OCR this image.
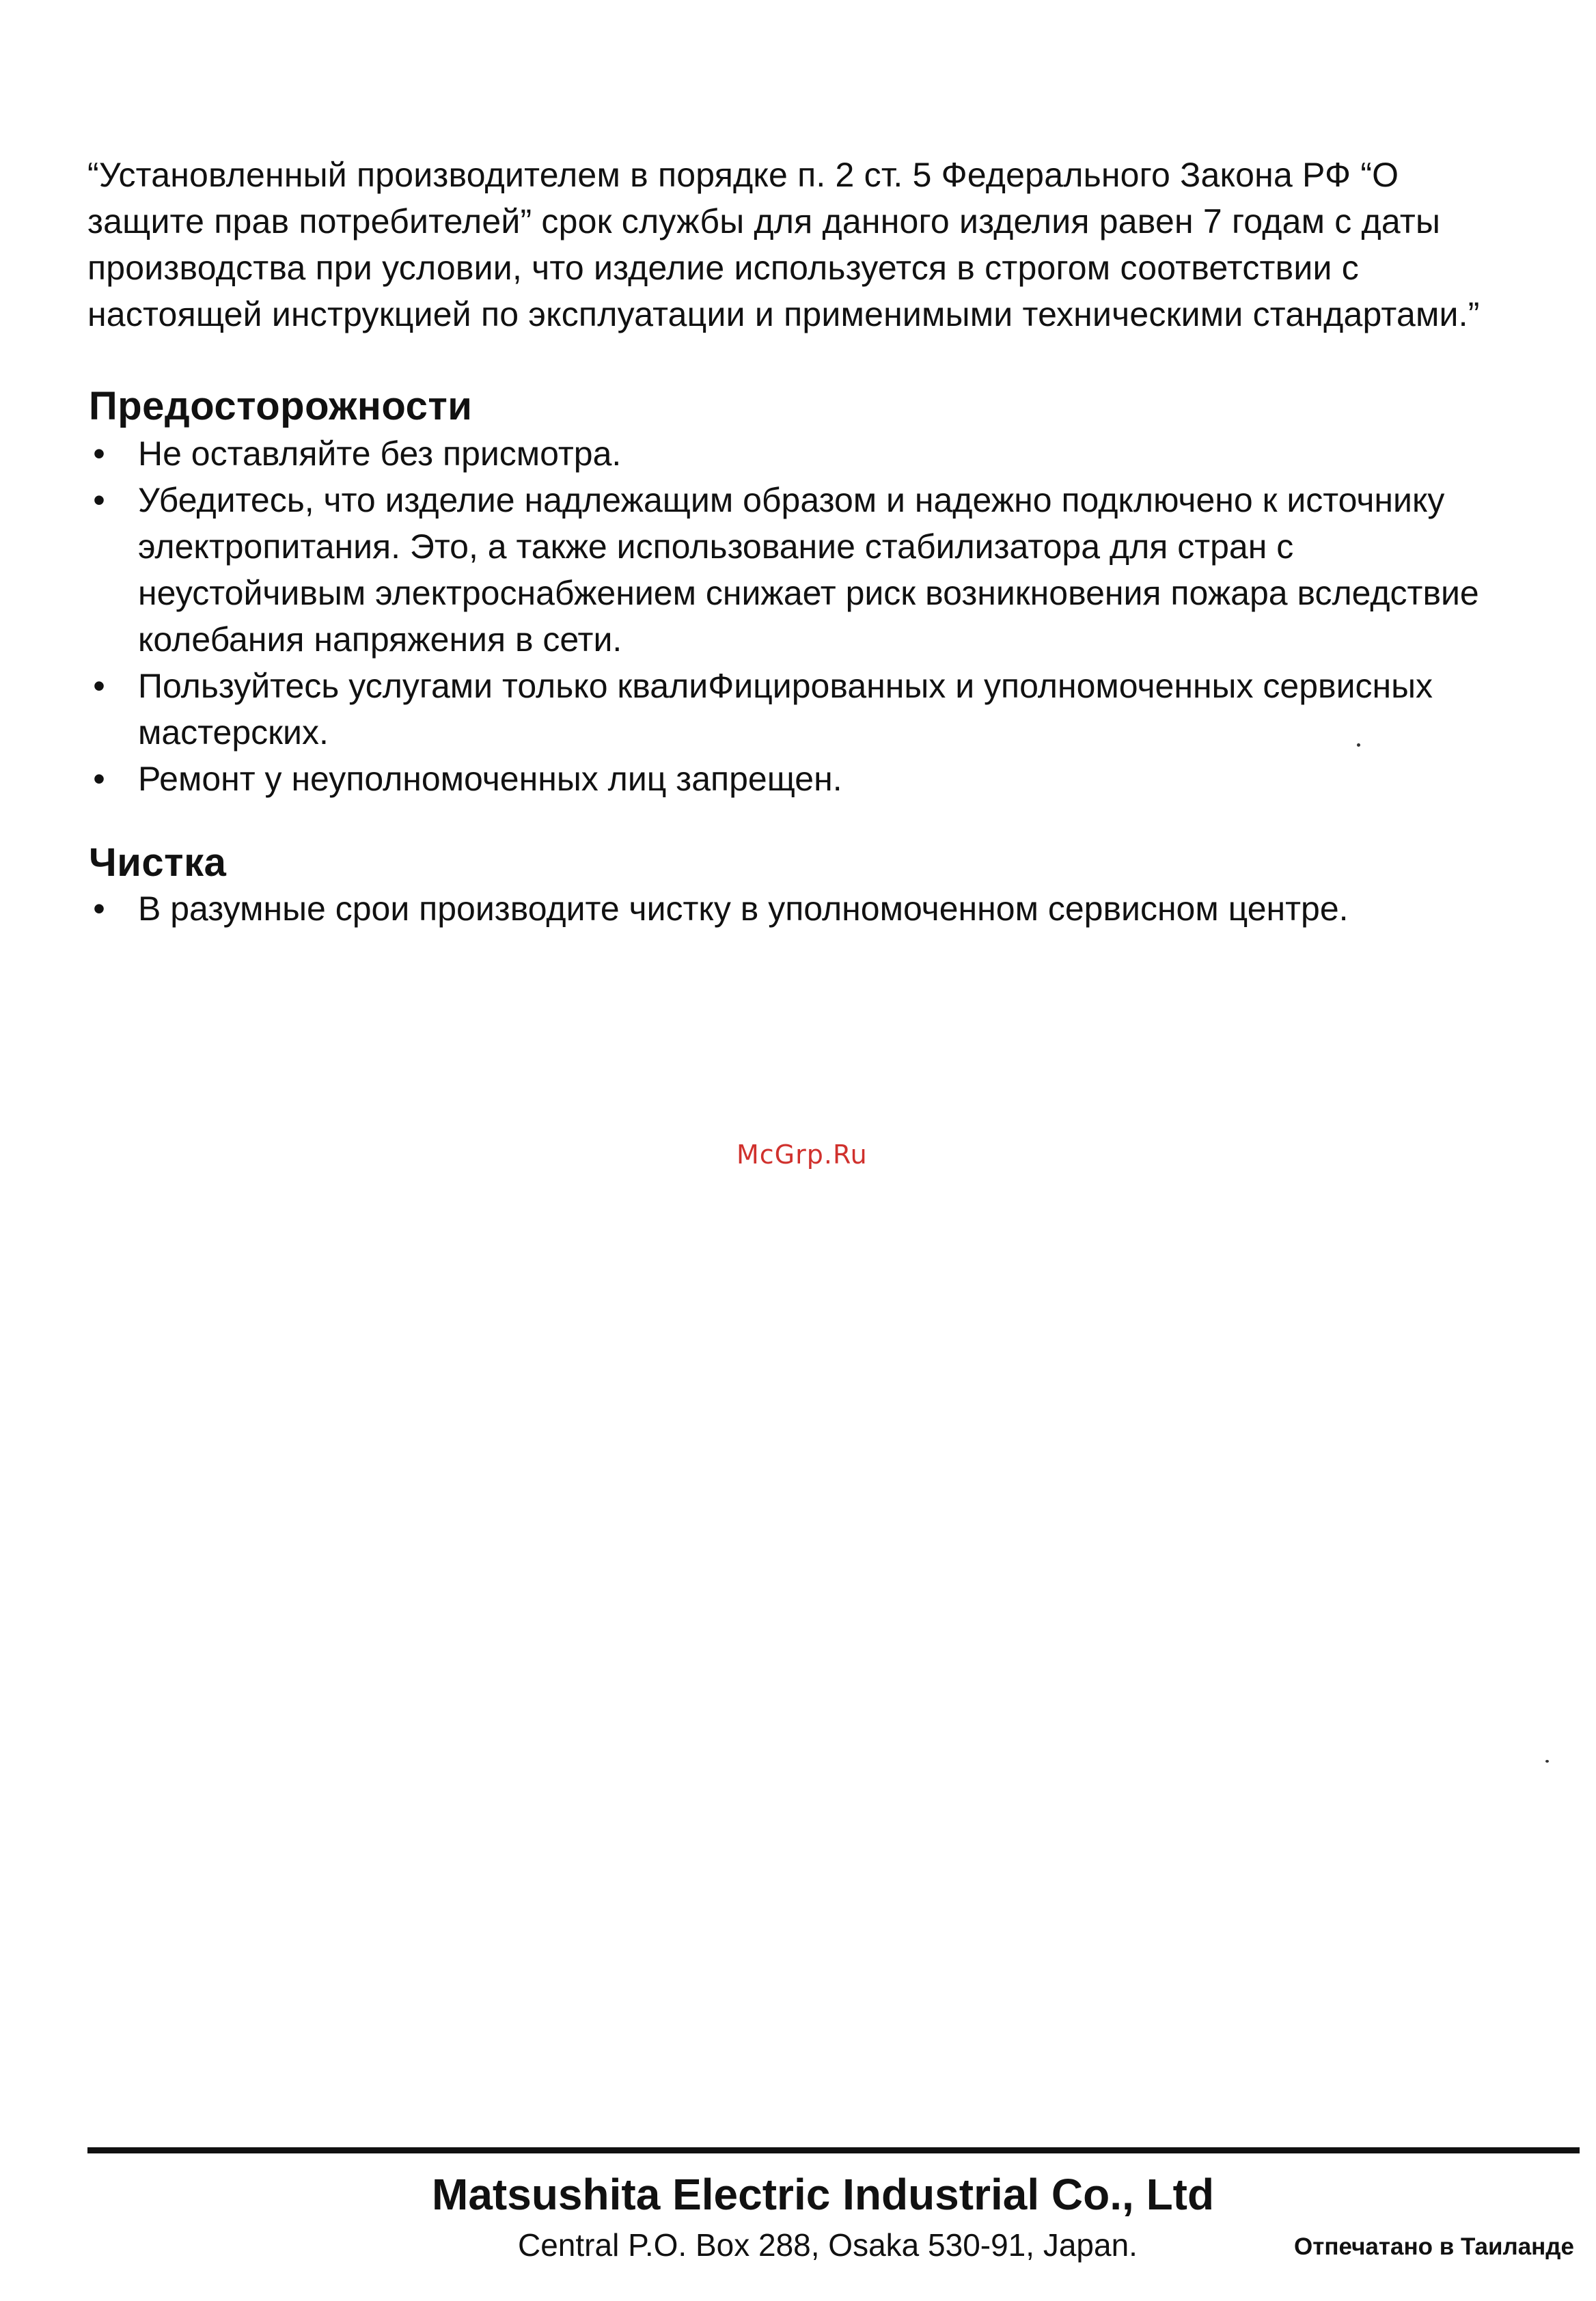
“Установленный производителем в порядке п. 2 ст. 5 Федерального Закона РФ “О
защите прав потребителей” срок службы для данного изделия равен 7 годам с даты
производства при условии, что изделие используется в строгом соответствии с
настоящей инструкцией по эксплуатации и применимыми техническими стандартами.”
Предосторожности
• Не оставляйте без присмотра.
• Убедитесь, что изделие надлежащим образом и надежно подключено к источнику
электропитания. Это, а также использование стабилизатора для стран с
неустойчивым электроснабжением снижает риск возникновения пожара вследствие
колебания напряжения в сети.
• Пользуйтесь услугами только квалиФицированных и уполномоченных сервисных
мастерских.
• Ремонт у неуполномоченных лиц запрещен.
Чистка
• В разумные срои производите чистку в уполномоченном сервисном центре.
McGrp.Ru
Matsushita Electric Industrial Co., Ltd
Central P.O. Box 288, Osaka 530-91, Japan.	Отпечатано в Таиланде
